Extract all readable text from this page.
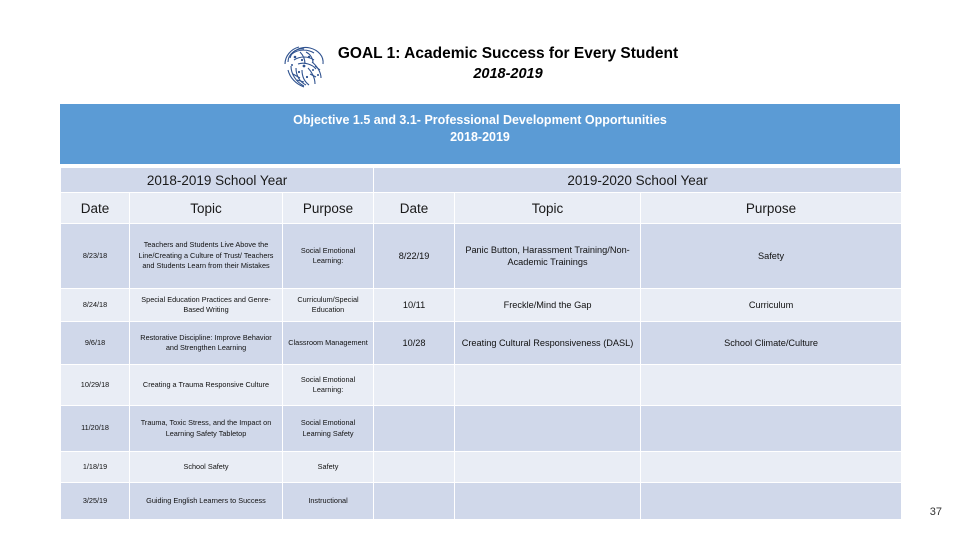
GOAL 1: Academic Success for Every Student
2018-2019
Objective 1.5 and 3.1- Professional Development Opportunities
2018-2019
2018-2019 School Year			2019-2020 School Year		
Date	Topic	Purpose	Date	Topic	Purpose
8/23/18	Teachers and Students Live Above the Line/Creating a Culture of Trust/ Teachers and Students Learn from their Mistakes	Social Emotional Learning:	8/22/19	Panic Button, Harassment Training/Non-Academic Trainings	Safety
8/24/18	Special Education Practices and Genre-Based Writing	Curriculum/Special Education	10/11	Freckle/Mind the Gap	Curriculum
9/6/18	Restorative Discipline: Improve Behavior and Strengthen Learning	Classroom Management	10/28	Creating Cultural Responsiveness (DASL)	School Climate/Culture
10/29/18	Creating a Trauma Responsive Culture	Social Emotional Learning:			
11/20/18	Trauma, Toxic Stress, and the Impact on Learning Safety Tabletop	Social Emotional Learning Safety			
1/18/19	School Safety	Safety			
3/25/19	Guiding English Learners to Success	Instructional			
37
